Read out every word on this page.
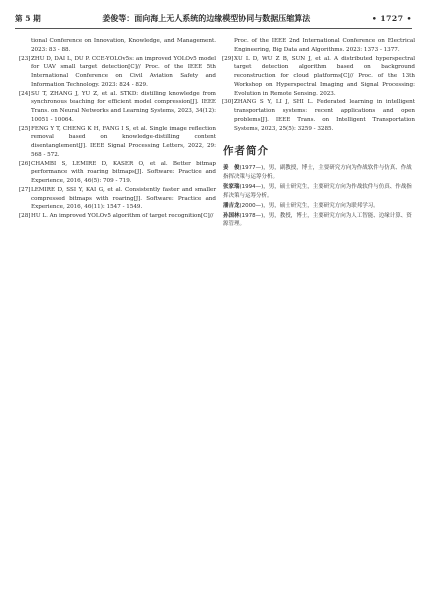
第 5 期	姜俊等：面向海上无人系统的边缘模型协同与数据压缩算法	• 1727 •

tional Conference on Innovation, Knowledge, and Management. 2023: 83 - 88.

[23] ZHU D, DAI L, DU P. CCE-YOLOv5s: an improved YOLOv5 model for UAV small target detection[C]// Proc. of the IEEE 5th International Conference on Civil Aviation Safety and Information Technology. 2023: 824 - 829.
[24] SU T, ZHANG J, YU Z, et al. STKD: distilling knowledge from synchronous teaching for efficient model compression[J]. IEEE Trans. on Neural Networks and Learning Systems, 2023, 34(12): 10051 - 10064.
[25] FENG Y T, CHENG K H, FANG I S, et al. Single image reflection removal based on knowledge-distilling content disentanglement[J]. IEEE Signal Processing Letters, 2022, 29: 568 - 572.
[26] CHAMBI S, LEMIRE D, KASER O, et al. Better bitmap performance with roaring bitmaps[J]. Software: Practice and Experience, 2016, 46(5): 709 - 719.
[27] LEMIRE D, SSI Y, KAI G, et al. Consistently faster and smaller compressed bitmaps with roaring[J]. Software: Practice and Experience, 2016, 46(11): 1547 - 1549.
[28] HU L. An improved YOLOv5 algorithm of target recognition[C]//

Proc. of the IEEE 2nd International Conference on Electrical Engineering, Big Data and Algorithms. 2023: 1373 - 1377.

[29] XU L D, WU Z B, SUN J, et al. A distributed hyperspectral target detection algorithm based on background reconstruction for cloud platforms[C]// Proc. of the 13th Workshop on Hyperspectral Imaging and Signal Processing: Evolution in Remote Sensing. 2023.
[30] ZHANG S Y, LI J, SHI L. Federated learning in intelligent transportation systems: recent applications and open problems[J]. IEEE Trans. on Intelligent Transportation Systems, 2023, 25(5): 3259 - 3285.
作者简介

姜　俊(1977—)，男，副教授，博士，主要研究方向为作战软件与仿真、作战指挥决策与运筹分析。

张家瑞(1994—)，男，硕士研究生，主要研究方向为作战软件与仿真、作战指挥决策与运筹分析。

潘吉龙(2000—)，男，硕士研究生，主要研究方向为联邦学习。

孙国林(1978—)，男，教授，博士，主要研究方向为人工智能、边缘计算、资源管理。
